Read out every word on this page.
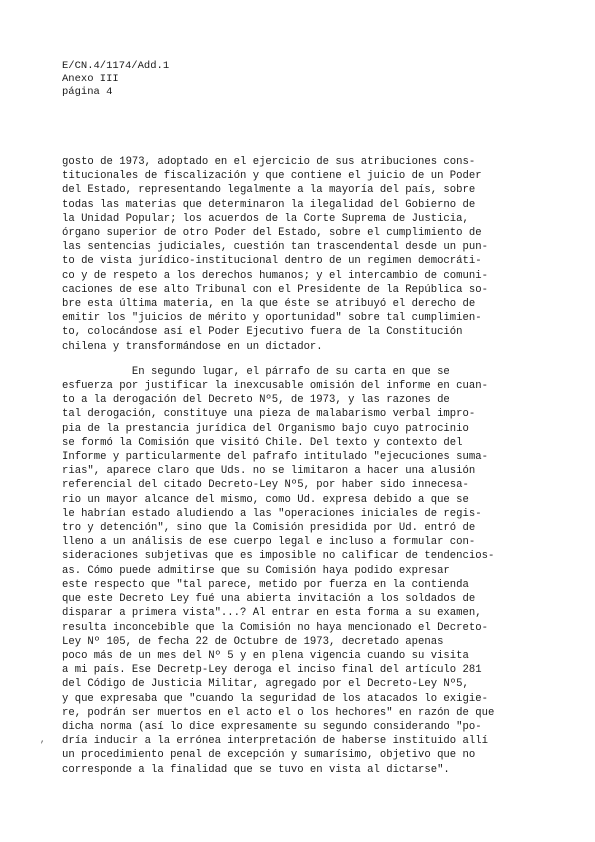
E/CN.4/1174/Add.1
Anexo III
página 4
gosto de 1973, adoptado en el ejercicio de sus atribuciones cons-
titucionales de fiscalización y que contiene el juicio de un Poder
del Estado, representando legalmente a la mayoría del país, sobre
todas las materias que determinaron la ilegalidad del Gobierno de
la Unidad Popular; los acuerdos de la Corte Suprema de Justicia,
órgano superior de otro Poder del Estado, sobre el cumplimiento de
las sentencias judiciales, cuestión tan trascendental desde un pun-
to de vista jurídico-institucional dentro de un regimen democráti-
co y de respeto a los derechos humanos; y el intercambio de comuni-
caciones de ese alto Tribunal con el Presidente de la República so-
bre esta última materia, en la que éste se atribuyó el derecho de
emitir los "juicios de mérito y oportunidad" sobre tal cumplimien-
to, colocándose así el Poder Ejecutivo fuera de la Constitución
chilena y transformándose en un dictador.
En segundo lugar, el párrafo de su carta en que se
esfuerza por justificar la inexcusable omisión del informe en cuan-
to a la derogación del Decreto Nº5, de 1973, y las razones de
tal derogación, constituye una pieza de malabarismo verbal impro-
pia de la prestancia jurídica del Organismo bajo cuyo patrocinio
se formó la Comisión que visitó Chile. Del texto y contexto del
Informe y particularmente del pafrafo intitulado "ejecuciones suma-
rias", aparece claro que Uds. no se limitaron a hacer una alusión
referencial del citado Decreto-Ley Nº5, por haber sido innecesa-
rio un mayor alcance del mismo, como Ud. expresa debido a que se
le habrían estado aludiendo a las "operaciones iniciales de regis-
tro y detención", sino que la Comisión presidida por Ud. entró de
lleno a un análisis de ese cuerpo legal e incluso a formular con-
sideraciones subjetivas que es imposible no calificar de tendencios-
as. Cómo puede admitirse que su Comisión haya podido expresar
este respecto que "tal parece, metido por fuerza en la contienda
que este Decreto Ley fué una abierta invitación a los soldados de
disparar a primera vista"...? Al entrar en esta forma a su examen,
resulta inconcebible que la Comisión no haya mencionado el Decreto-
Ley Nº 105, de fecha 22 de Octubre de 1973, decretado apenas
poco más de un mes del Nº 5 y en plena vigencia cuando su visita
a mi país. Ese Decretp-Ley deroga el inciso final del artículo 281
del Código de Justicia Militar, agregado por el Decreto-Ley Nº5,
y que expresaba que "cuando la seguridad de los atacados lo exigie-
re, podrán ser muertos en el acto el o los hechores" en razón de que
dicha norma (así lo dice expresamente su segundo considerando "po-
dría inducir a la errónea interpretación de haberse instituido allí
un procedimiento penal de excepción y sumarísimo, objetivo que no
corresponde a la finalidad que se tuvo en vista al dictarse".
,
